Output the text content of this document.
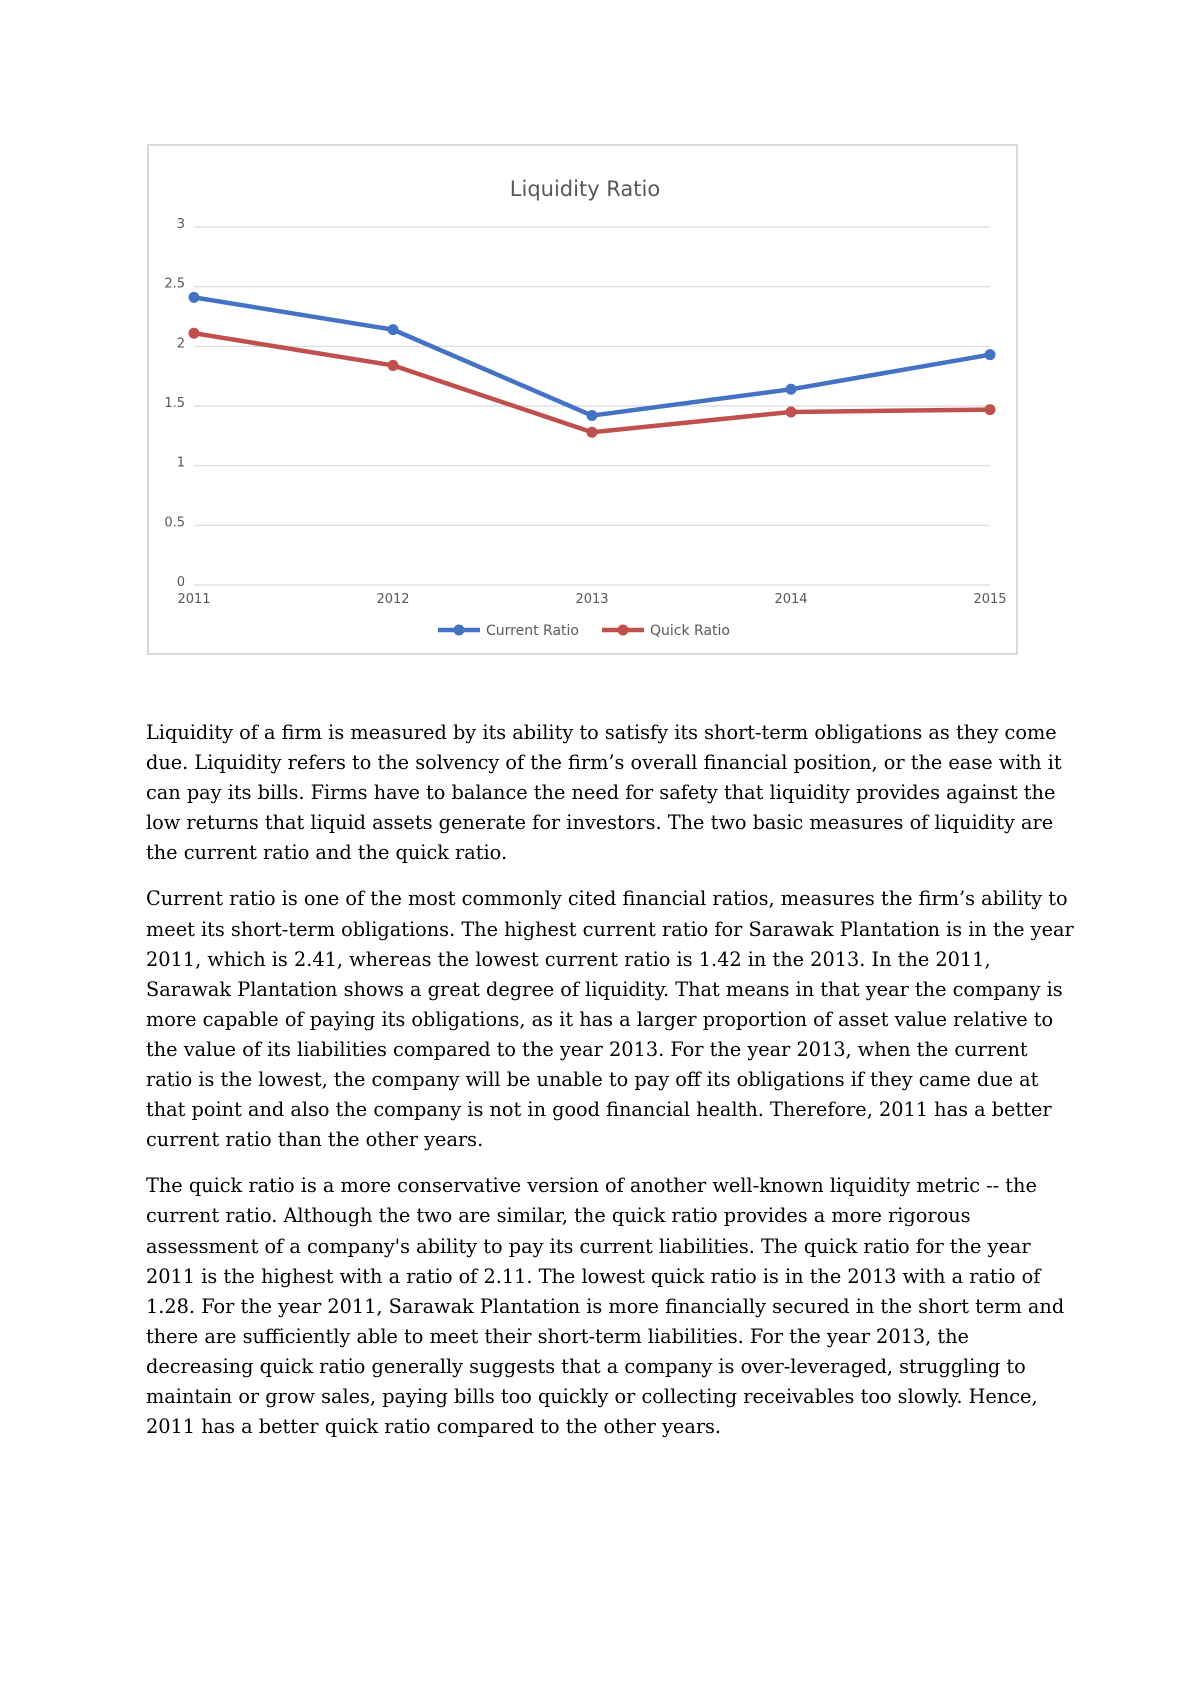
Liquidity Ratio
0
0.5
1
1.5
2
2.5
3
2011	2012	2013	2014	2015
Current Ratio	Quick Ratio

Liquidity of a firm is measured by its ability to satisfy its short-term obligations as they come due. Liquidity refers to the solvency of the firm’s overall financial position, or the ease with it can pay its bills. Firms have to balance the need for safety that liquidity provides against the low returns that liquid assets generate for investors. The two basic measures of liquidity are the current ratio and the quick ratio.

Current ratio is one of the most commonly cited financial ratios, measures the firm’s ability to meet its short-term obligations. The highest current ratio for Sarawak Plantation is in the year 2011, which is 2.41, whereas the lowest current ratio is 1.42 in the 2013. In the 2011, Sarawak Plantation shows a great degree of liquidity. That means in that year the company is more capable of paying its obligations, as it has a larger proportion of asset value relative to the value of its liabilities compared to the year 2013. For the year 2013, when the current ratio is the lowest, the company will be unable to pay off its obligations if they came due at that point and also the company is not in good financial health. Therefore, 2011 has a better current ratio than the other years.

The quick ratio is a more conservative version of another well-known liquidity metric -- the current ratio. Although the two are similar, the quick ratio provides a more rigorous assessment of a company's ability to pay its current liabilities. The quick ratio for the year 2011 is the highest with a ratio of 2.11. The lowest quick ratio is in the 2013 with a ratio of 1.28. For the year 2011, Sarawak Plantation is more financially secured in the short term and there are sufficiently able to meet their short-term liabilities. For the year 2013, the decreasing quick ratio generally suggests that a company is over-leveraged, struggling to maintain or grow sales, paying bills too quickly or collecting receivables too slowly. Hence, 2011 has a better quick ratio compared to the other years.
